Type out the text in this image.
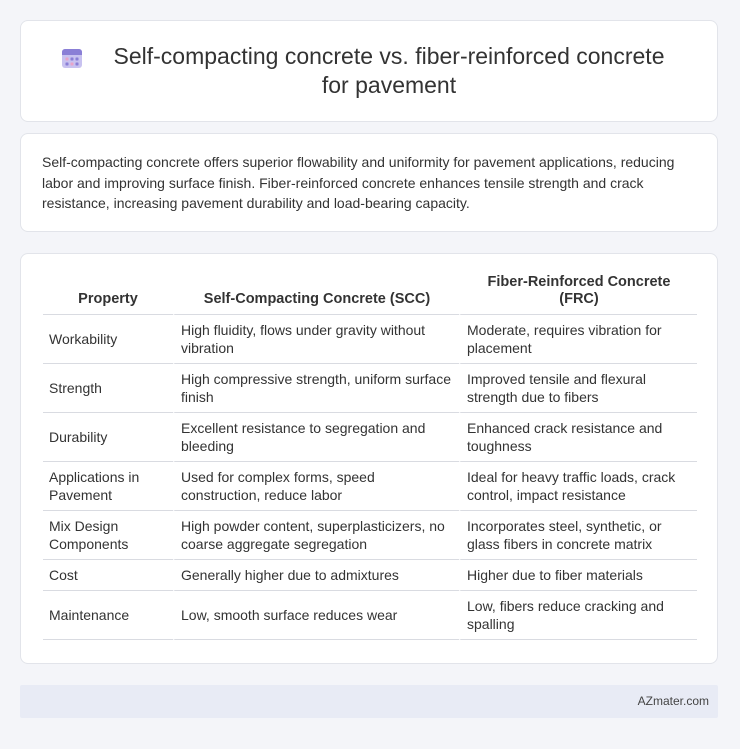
Self-compacting concrete vs. fiber-reinforced concrete for pavement
Self-compacting concrete offers superior flowability and uniformity for pavement applications, reducing labor and improving surface finish. Fiber-reinforced concrete enhances tensile strength and crack resistance, increasing pavement durability and load-bearing capacity.
Property	Self-Compacting Concrete (SCC)	Fiber-Reinforced Concrete (FRC)
Workability	High fluidity, flows under gravity without vibration	Moderate, requires vibration for placement
Strength	High compressive strength, uniform surface finish	Improved tensile and flexural strength due to fibers
Durability	Excellent resistance to segregation and bleeding	Enhanced crack resistance and toughness
Applications in Pavement	Used for complex forms, speed construction, reduce labor	Ideal for heavy traffic loads, crack control, impact resistance
Mix Design Components	High powder content, superplasticizers, no coarse aggregate segregation	Incorporates steel, synthetic, or glass fibers in concrete matrix
Cost	Generally higher due to admixtures	Higher due to fiber materials
Maintenance	Low, smooth surface reduces wear	Low, fibers reduce cracking and spalling
AZmater.com
